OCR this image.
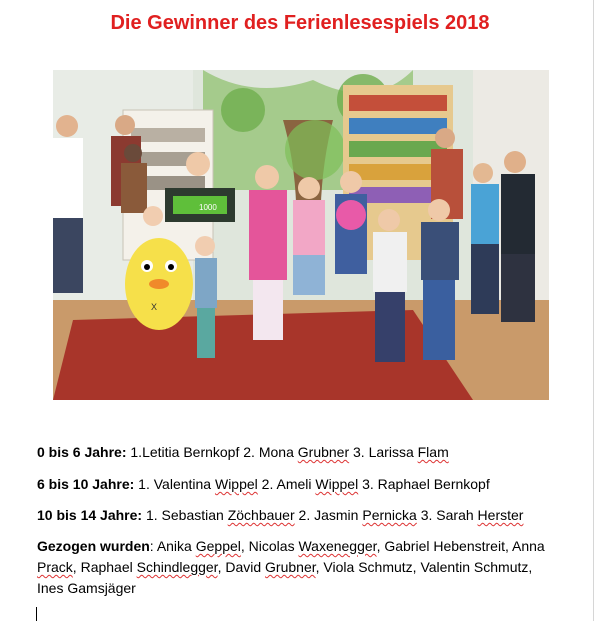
Die Gewinner des Ferienlesespiels 2018
1000
X
0 bis 6 Jahre: 1.Letitia Bernkopf 2. Mona Grubner 3. Larissa Flam
6 bis 10 Jahre: 1. Valentina Wippel 2. Ameli Wippel 3. Raphael Bernkopf
10 bis 14 Jahre: 1. Sebastian Zöchbauer 2. Jasmin Pernicka 3. Sarah Herster
Gezogen wurden: Anika Geppel, Nicolas Waxenegger, Gabriel Hebenstreit, Anna Prack, Raphael Schindlegger, David Grubner, Viola Schmutz, Valentin Schmutz, Ines Gamsjäger
